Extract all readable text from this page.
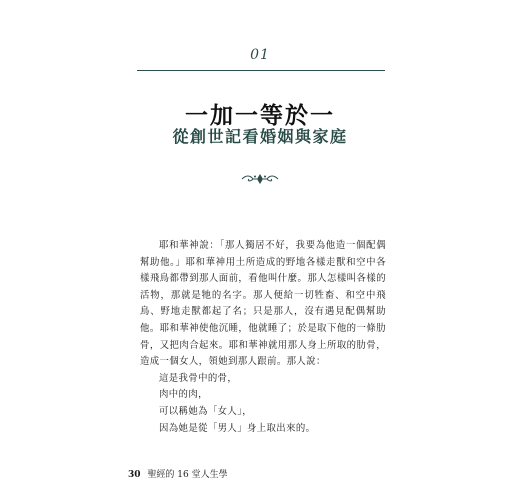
01
一加一等於一
從創世記看婚姻與家庭

耶和華神說：「那人獨居不好，我要為他造一個配偶幫助他。」耶和華神用土所造成的野地各樣走獸和空中各樣飛鳥都帶到那人面前，看他叫什麼。那人怎樣叫各樣的活物，那就是牠的名字。那人便給一切牲畜、和空中飛鳥、野地走獸都起了名；只是那人，沒有遇見配偶幫助他。耶和華神使他沉睡，他就睡了；於是取下他的一條肋骨，又把肉合起來。耶和華神就用那人身上所取的肋骨，造成一個女人，領她到那人跟前。那人說：

這是我骨中的骨，
肉中的肉，
可以稱她為「女人」，
因為她是從「男人」身上取出來的。
30 聖經的 16 堂人生學
